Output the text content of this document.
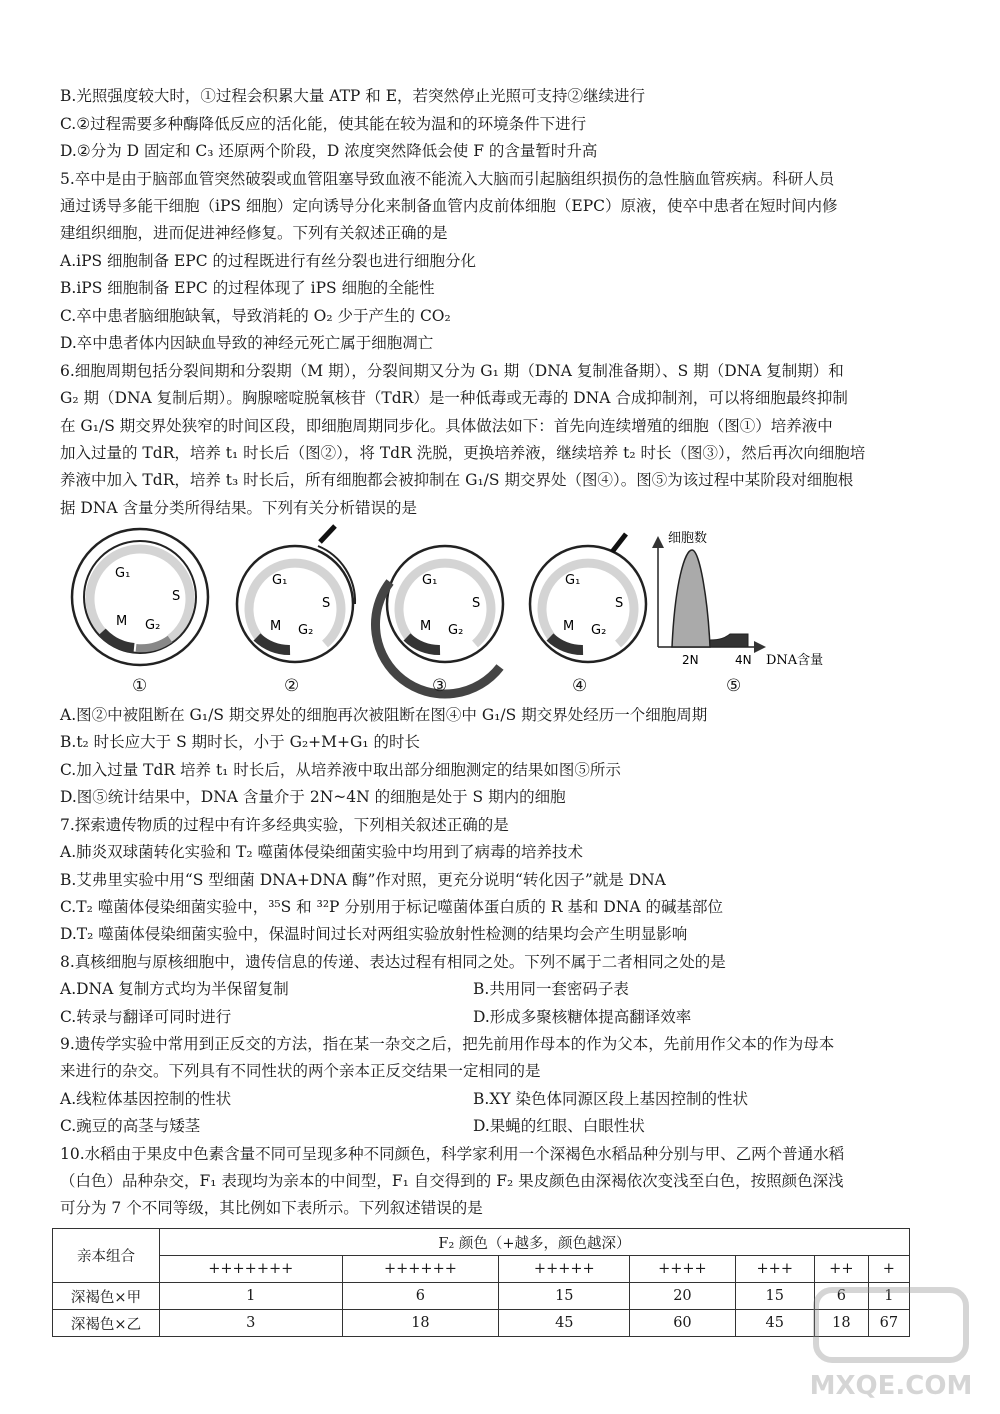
B.光照强度较大时，①过程会积累大量 ATP 和 E，若突然停止光照可支持②继续进行
C.②过程需要多种酶降低反应的活化能，使其能在较为温和的环境条件下进行
D.②分为 D 固定和 C₃ 还原两个阶段，D 浓度突然降低会使 F 的含量暂时升高
5.卒中是由于脑部血管突然破裂或血管阻塞导致血液不能流入大脑而引起脑组织损伤的急性脑血管疾病。科研人员
通过诱导多能干细胞（iPS 细胞）定向诱导分化来制备血管内皮前体细胞（EPC）原液，使卒中患者在短时间内修
建组织细胞，进而促进神经修复。下列有关叙述正确的是
A.iPS 细胞制备 EPC 的过程既进行有丝分裂也进行细胞分化
B.iPS 细胞制备 EPC 的过程体现了 iPS 细胞的全能性
C.卒中患者脑细胞缺氧，导致消耗的 O₂ 少于产生的 CO₂
D.卒中患者体内因缺血导致的神经元死亡属于细胞凋亡
6.细胞周期包括分裂间期和分裂期（M 期），分裂间期又分为 G₁ 期（DNA 复制准备期）、S 期（DNA 复制期）和
G₂ 期（DNA 复制后期）。胸腺嘧啶脱氧核苷（TdR）是一种低毒或无毒的 DNA 合成抑制剂，可以将细胞最终抑制
在 G₁/S 期交界处狭窄的时间区段，即细胞周期同步化。具体做法如下：首先向连续增殖的细胞（图①）培养液中
加入过量的 TdR，培养 t₁ 时长后（图②），将 TdR 洗脱，更换培养液，继续培养 t₂ 时长（图③），然后再次向细胞培
养液中加入 TdR，培养 t₃ 时长后，所有细胞都会被抑制在 G₁/S 期交界处（图④）。图⑤为该过程中某阶段对细胞根
据 DNA 含量分类所得结果。下列有关分析错误的是
G₁
S
M G₂
G₁
S
M G₂
G₁
S
M G₂
G₁
S
M G₂
细胞数
DNA含量
2N	4N
①	②	③	④	⑤
A.图②中被阻断在 G₁/S 期交界处的细胞再次被阻断在图④中 G₁/S 期交界处经历一个细胞周期
B.t₂ 时长应大于 S 期时长，小于 G₂+M+G₁ 的时长
C.加入过量 TdR 培养 t₁ 时长后，从培养液中取出部分细胞测定的结果如图⑤所示
D.图⑤统计结果中，DNA 含量介于 2N~4N 的细胞是处于 S 期内的细胞
7.探索遗传物质的过程中有许多经典实验，下列相关叙述正确的是
A.肺炎双球菌转化实验和 T₂ 噬菌体侵染细菌实验中均用到了病毒的培养技术
B.艾弗里实验中用“S 型细菌 DNA+DNA 酶”作对照，更充分说明“转化因子”就是 DNA
C.T₂ 噬菌体侵染细菌实验中，³⁵S 和 ³²P 分别用于标记噬菌体蛋白质的 R 基和 DNA 的碱基部位
D.T₂ 噬菌体侵染细菌实验中，保温时间过长对两组实验放射性检测的结果均会产生明显影响
8.真核细胞与原核细胞中，遗传信息的传递、表达过程有相同之处。下列不属于二者相同之处的是
A.DNA 复制方式均为半保留复制	B.共用同一套密码子表
C.转录与翻译可同时进行	D.形成多聚核糖体提高翻译效率
9.遗传学实验中常用到正反交的方法，指在某一杂交之后，把先前用作母本的作为父本，先前用作父本的作为母本
来进行的杂交。下列具有不同性状的两个亲本正反交结果一定相同的是
A.线粒体基因控制的性状	B.XY 染色体同源区段上基因控制的性状
C.豌豆的高茎与矮茎	D.果蝇的红眼、白眼性状
10.水稻由于果皮中色素含量不同可呈现多种不同颜色，科学家利用一个深褐色水稻品种分别与甲、乙两个普通水稻
（白色）品种杂交，F₁ 表现均为亲本的中间型，F₁ 自交得到的 F₂ 果皮颜色由深褐依次变浅至白色，按照颜色深浅
可分为 7 个不同等级，其比例如下表所示。下列叙述错误的是
亲本组合	F₂ 颜色（+越多，颜色越深）						
	+++++++	++++++	+++++	++++	+++	++	+
深褐色×甲	1	6	15	20	15	6	1
深褐色×乙	3	18	45	60	45	18	67
MXQE.COM
